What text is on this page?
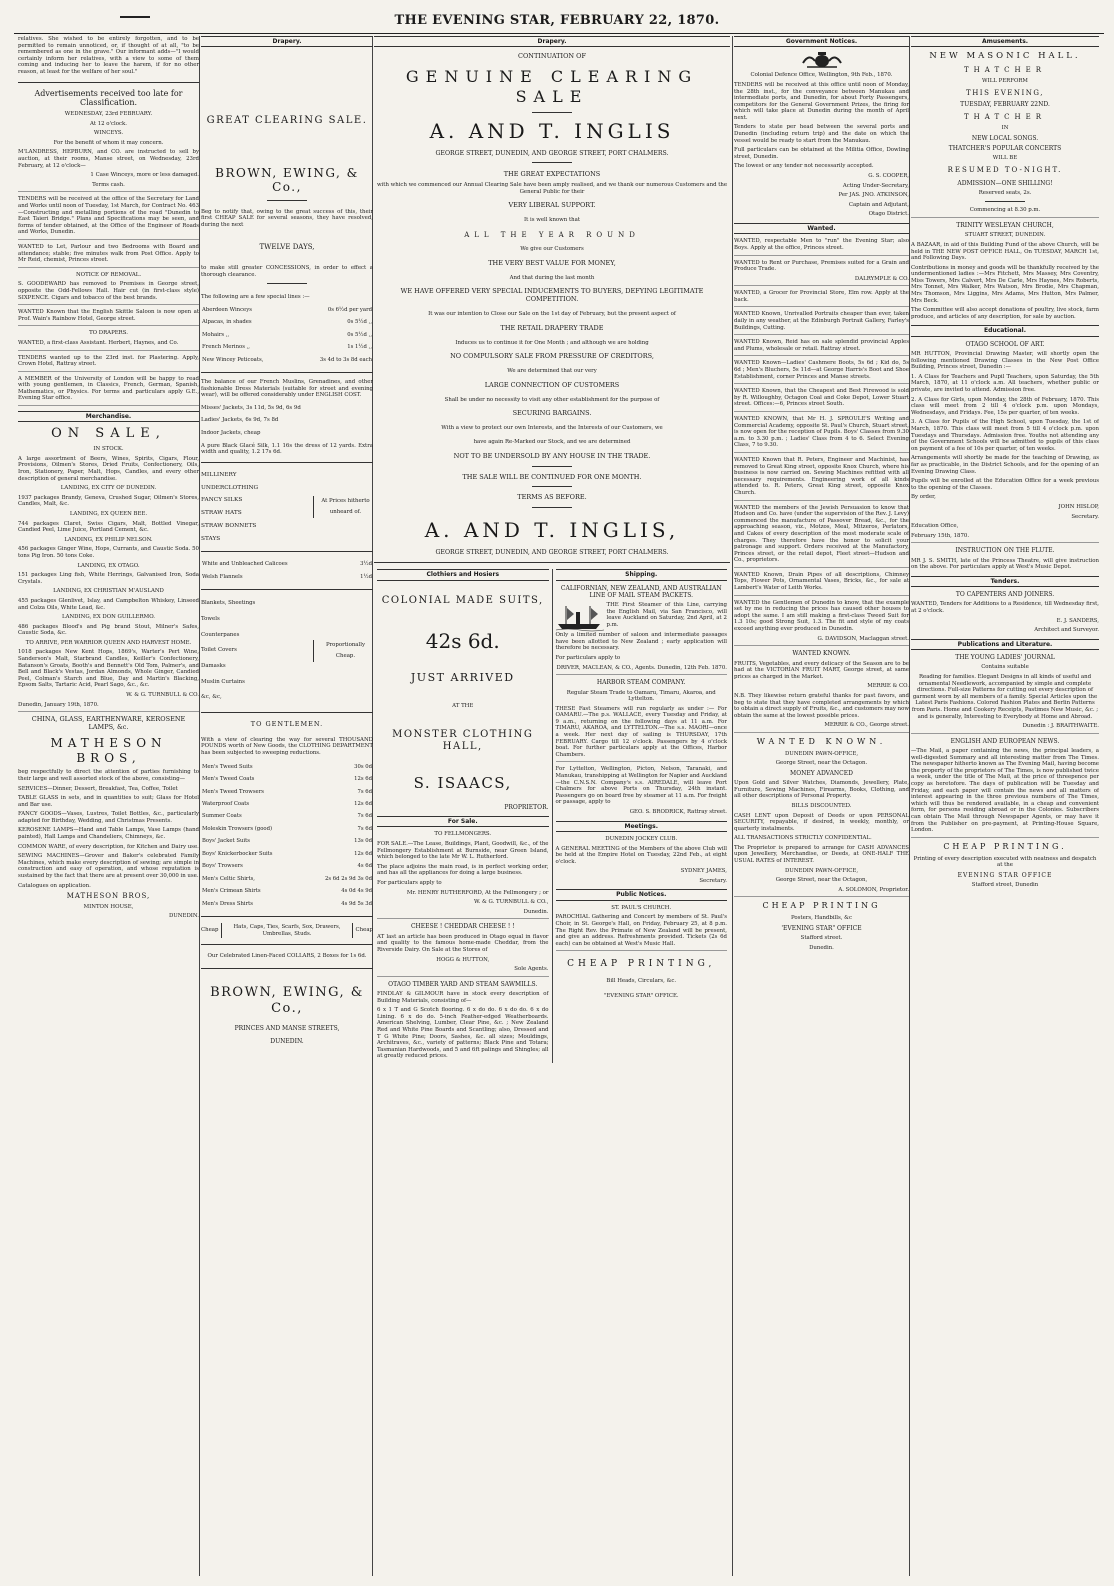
THE EVENING STAR, FEBRUARY 22, 1870.
relatives. She wished to be entirely forgotten, and to be permitted to remain unnoticed, or, if thought of at all, "to be remembered as one in the grave." Our informant adds—"I would certainly inform her relatives, with a view to some of them coming and inducing her to leave the harem, if for no other reason, at least for the welfare of her soul."
Advertisements received too late for Classification.
WEDNESDAY, 23rd FEBRUARY.
At 12 o'clock.
WINCEYS.
For the benefit of whom it may concern.
M'LANDRESS, HEPBURN, and CO. are instructed to sell by auction, at their rooms, Manse street, on Wednesday, 23rd February, at 12 o'clock—
1 Case Winceys, more or less damaged.
Terms cash.
TENDERS will be received at the office of the Secretary for Land and Works until noon of Tuesday, 1st March, for Contract No. 463—Constructing and metalling portions of the road "Dunedin to East Taieri Bridge." Plans and Specifications may be seen, and forms of tender obtained, at the Office of the Engineer of Roads and Works, Dunedin.
WANTED to Let, Parlour and two Bedrooms with Board and attendance; stable; five minutes walk from Post Office. Apply to Mr Reid, chemist, Princes street.
NOTICE OF REMOVAL.
S. GOODEWARD has removed to Premises in George street, opposite the Odd-Fellows Hall. Hair cut (in first-class style) SIXPENCE. Cigars and tobacco of the best brands.
WANTED Known that the English Skittle Saloon is now open at Prof. Wain's Rainbow Hotel, George street.
TO DRAPERS.
WANTED, a first-class Assistant. Herbert, Haynes, and Co.
TENDERS wanted up to the 23rd inst. for Plastering. Apply, Crown Hotel, Rattray street.
A MEMBER of the University of London will be happy to read with young gentlemen, in Classics, French, German, Spanish, Mathematics, or Physics. For terms and particulars apply G.E., Evening Star office.
Merchandise.
ON SALE,
IN STOCK.
A large assortment of Beers, Wines, Spirits, Cigars, Flour, Provisions, Oilmen's Stores, Dried Fruits, Confectionery, Oils, Iron, Stationery, Paper, Malt, Hops, Candles, and every other description of general merchandise.
LANDING, EX CITY OF DUNEDIN.
1937 packages Brandy, Geneva, Crushed Sugar, Oilmen's Stores, Candles, Malt, &c.
LANDING, EX QUEEN BEE.
744 packages Claret, Swiss Cigars, Malt, Bottled Vinegar, Candied Peel, Lime Juice, Portland Cement, &c.
LANDING, EX PHILIP NELSON.
456 packages Ginger Wine, Hops, Currants, and Caustic Soda. 50 tons Pig Iron. 50 tons Coke.
LANDING, EX OTAGO.
151 packages Ling fish, White Herrings, Galvanised Iron, Soda Crystals.
LANDING, EX CHRISTIAN M'AUSLAND
455 packages Glenlivet, Islay, and Campbelton Whiskey, Linseed and Colza Oils, White Lead, &c.
LANDING, EX DON GUILLERMO.
486 packages Blood's and Pig brand Stout, Milner's Safes, Caustic Soda, &c.
TO ARRIVE, PER WARRIOR QUEEN AND HARVEST HOME.
1018 packages New Kent Hops, 1869's, Warter's Pert Wine, Sanderson's Malt, Starbrand Candles, Keiller's Confectionery, Batanson's Groats, Booth's and Bennett's Old Tom, Palmer's, and Bell and Black's Vestas, Jordan Almonds, Whole Ginger, Candied Peel, Colman's Starch and Blue, Day and Martin's Blacking, Epsom Salts, Tartaric Acid, Pearl Sago, &c., &c.
W. & G. TURNBULL & CO.
Dunedin, January 19th, 1870.
CHINA, GLASS, EARTHENWARE, KEROSENE LAMPS, &c.
MATHESON BROS,
beg respectfully to direct the attention of parties furnishing to their large and well assorted stock of the above, consisting—
SERVICES—Dinner, Dessert, Breakfast, Tea, Coffee, Toilet
TABLE GLASS in sets, and in quantities to suit; Glass for Hotel and Bar use.
FANCY GOODS—Vases, Lustres, Toilet Bottles, &c., particularly adapted for Birthday, Wedding, and Christmas Presents.
KEROSENE LAMPS—Hand and Table Lamps, Vase Lamps (hand painted), Hall Lamps and Chandeliers, Chimneys, &c.
COMMON WARE, of every description, for Kitchen and Dairy use.
SEWING MACHINES—Grover and Baker's celebrated Family Machines, which make every description of sewing; are simple in construction and easy of operation, and whose reputation is sustained by the fact that there are at present over 30,000 in use.
Catalogues on application.
MATHESON BROS,
MINTON HOUSE,
DUNEDIN.
Drapery.
GREAT CLEARING SALE.
BROWN, EWING, & Co.,
Beg to notify that, owing to the great success of this, their first CHEAP SALE for several seasons, they have resolved, during the next
TWELVE DAYS,
to make still greater CONCESSIONS, in order to effect a thorough clearance.
The following are a few special lines :—
Aberdeen Winceys	0s 6½d per yard
Alpacas, in shades	0s 5½d ,,
Mohairs ,,	0s 5½d ,,
French Merinos ,,	1s 1½d ,,
New Wincey Peticoats,	3s 4d to 3s 8d each
The balance of our French Muslins, Grenadines, and other fashionable Dress Materials (suitable for street and evening wear), will be offered considerably under ENGLISH COST.
Misses' Jackets, 3s 11d, 5s 9d, 6s 9d
Ladies' Jackets, 6s 9d, 7s 8d
Indoor Jackets, cheap
A pure Black Glacé Silk, 1.1 16s the dress of 12 yards. Extra width and quality, 1.2 17s 6d.
MILLINERY
UNDERCLOTHING
FANCY SILKS
STRAW HATS
STRAW BONNETS
STAYS
At Prices hitherto unheard of.
White and Unbleached Calicoes	3½d
Welsh Flannels	1½d
Blankets, Sheetings
Towels
Counterpanes
Toilet Covers
Damasks
Muslin Curtains
&c, &c,
Proportionally Cheap.
TO GENTLEMEN.
With a view of clearing the way for several THOUSAND POUNDS worth of New Goods, the CLOTHING DEPARTMENT has been subjected to sweeping reductions.
Men's Tweed Suits	30s 0d
Men's Tweed Coats	12s 6d
Men's Tweed Trowsers	7s 6d
Waterproof Coats	12s 6d
Summer Coats	7s 6d
Moleskin Trowsers (good)	7s 6d
Boys' Jacket Suits	13s 0d
Boys' Knickerbocker Suits	12s 6d
Boys' Trowsers	4s 6d
Men's Celtic Shirts,	2s 6d 2s 9d 3s 0d
Men's Crimean Shirts	4s 0d 4s 9d
Men's Dress Shirts	4s 9d 5s 3d
Cheap
Hats, Caps, Ties, Scarfs, Sox, Drawers, Umbrellas, Studs.
Cheap
Our Celebrated Linen-Faced COLLARS, 2 Boxes for 1s 6d.
BROWN, EWING, & Co.,
PRINCES AND MANSE STREETS,
DUNEDIN.
Drapery.
CONTINUATION OF
GENUINE CLEARING SALE
A. AND T. INGLIS
GEORGE STREET, DUNEDIN, AND GEORGE STREET, PORT CHALMERS.
THE GREAT EXPECTATIONS
with which we commenced our Annual Clearing Sale have been amply realised, and we thank our numerous Customers and the General Public for their
VERY LIBERAL SUPPORT.
It is well known that
ALL THE YEAR ROUND
We give our Customers
THE VERY BEST VALUE FOR MONEY,
And that during the last month
WE HAVE OFFERED VERY SPECIAL INDUCEMENTS TO BUYERS, DEFYING LEGITIMATE COMPETITION.
It was our intention to Close our Sale on the 1st day of February, but the present aspect of
THE RETAIL DRAPERY TRADE
Induces us to continue it for One Month ; and although we are holding
NO COMPULSORY SALE FROM PRESSURE OF CREDITORS,
We are determined that our very
LARGE CONNECTION OF CUSTOMERS
Shall be under no necessity to visit any other establishment for the purpose of
SECURING BARGAINS.
With a view to protect our own Interests, and the Interests of our Customers, we
have again Re-Marked our Stock, and we are determined
NOT TO BE UNDERSOLD BY ANY HOUSE IN THE TRADE.
THE SALE WILL BE CONTINUED FOR ONE MONTH.
TERMS AS BEFORE.
A. AND T. INGLIS,
GEORGE STREET, DUNEDIN, AND GEORGE STREET, PORT CHALMERS.
Clothiers and Hosiers
COLONIAL MADE SUITS,
42s 6d.
JUST ARRIVED
AT THE
MONSTER CLOTHING HALL,
S. ISAACS,
PROPRIETOR.
For Sale.
TO FELLMONGERS.
FOR SALE.—The Lease, Buildings, Plant, Goodwill, &c., of the Fellmongery Establishment at Burnside, near Green Island, which belonged to the late Mr W. L. Rutherford.
The place adjoins the main road, is in perfect working order, and has all the appliances for doing a large business.
For particulars apply to
Mr. HENRY RUTHERFORD, At the Fellmongery ; or
W. & G. TURNBULL & CO.,
Dunedin.
CHEESE ! CHEDDAR CHEESE ! !
AT last an article has been produced in Otago equal in flavor and quality to the famous home-made Cheddar, from the Riverside Dairy. On Sale at the Stores of
HOGG & HUTTON,
Sole Agents.
OTAGO TIMBER YARD AND STEAM SAWMILLS.
FINDLAY & GILMOUR have in stock every description of Building Materials, consisting of—
6 x 1 T and G Scotch flooring. 6 x do do. 6 x do do. 6 x do Lining. 6 x do do. 5-inch Feather-edged Weatherboards. American Shelving, Lumber, Clear Pine, &c. ; New Zealand Red and White Pine Boards and Scantling; also, Dressed and T G White Pine; Doors, Sashes, &c. all sizes; Mouldings, Architraves, &c., variety of patterns; Black Pine and Totara; Tasmanian Hardwoods, and 5 and 6ft palings and Shingles; all at greatly reduced prices.
Shipping.
CALIFORNIAN, NEW ZEALAND, AND AUSTRALIAN LINE OF MAIL STEAM PACKETS.
THE First Steamer of this Line, carrying the English Mail, via San Francisco, will leave Auckland on Saturday, 2nd April, at 2 p.m.
Only a limited number of saloon and intermediate passages have been allotted to New Zealand ; early application will therefore be necessary.
For particulars apply to
DRIVER, MACLEAN, & CO., Agents. Dunedin, 12th Feb. 1870.
HARBOR STEAM COMPANY.
Regular Steam Trade to Oamaru, Timaru, Akaroa, and Lyttelton.
THESE Fast Steamers will run regularly as under :— For OAMARU.—The p.s. WALLACE, every Tuesday and Friday, at 9 a.m., returning on the following days at 11 a.m. For TIMARU, AKAROA, and LYTTELTON.—The s.s. MAORI—once a week. Her next day of sailing is THURSDAY, 17th FEBRUARY. Cargo till 12 o'clock. Passengers by 4 o'clock boat. For further particulars apply at the Offices, Harbor Chambers.
For Lyttelton, Wellington, Picton, Nelson, Taranaki, and Manukau, transhipping at Wellington for Napier and Auckland—the C.N.S.N. Company's s.s. AIREDALE, will leave Port Chalmers for above Ports on Thursday, 24th instant. Passengers go on board free by steamer at 11 a.m. For freight or passage, apply to
GEO. S. BRODRICK, Rattray street.
Meetings.
DUNEDIN JOCKEY CLUB.
A GENERAL MEETING of the Members of the above Club will be held at the Empire Hotel on Tuesday, 22nd Feb., at eight o'clock.
SYDNEY JAMES,
Secretary.
Public Notices.
ST. PAUL'S CHURCH.
PAROCHIAL Gathering and Concert by members of St. Paul's Choir, in St. George's Hall, on Friday, February 25, at 8 p.m. The Right Rev. the Primate of New Zealand will be present, and give an address. Refreshments provided. Tickets (2s 6d each) can be obtained at West's Music Hall.
CHEAP PRINTING,
Bill Heads, Circulars, &c.
"EVENING STAR" OFFICE.
Government Notices.
Colonial Defence Office, Wellington, 9th Feb., 1870.
TENDERS will be received at this office until noon of Monday, the 28th inst., for the conveyance between Manukau and intermediate ports, and Dunedin, for about Forty Passengers, competitors for the General Government Prizes, the firing for which will take place at Dunedin during the month of April next.
Tenders to state per head between the several ports and Dunedin (including return trip) and the date on which the vessel would be ready to start from the Manukau.
Full particulars can be obtained at the Militia Office, Dowling street, Dunedin.
The lowest or any tender not necessarily accepted.
G. S. COOPER,
Acting Under-Secretary,
Per JAS. JNO. ATKINSON,
Captain and Adjutant,
Otago District.
Wanted.
WANTED, respectable Men to "run" the Evening Star; also Boys. Apply at the office, Princes street.
WANTED to Rent or Purchase, Premises suited for a Grain and Produce Trade.
DALRYMPLE & CO.
WANTED, a Grocer for Provincial Store, Elm row. Apply at the back.
WANTED Known, Unrivalled Portraits cheaper than ever, taken daily in any weather, at the Edinburgh Portrait Gallery, Farley's Buildings, Cutting.
WANTED Known, Reid has on sale splendid provincial Apples and Plums, wholesale or retail. Rattray street.
WANTED Known—Ladies' Cashmere Boots, 5s 6d ; Kid do, 5s 6d ; Men's Bluchers, 5s 11d—at George Harris's Boot and Shoe Establishment, corner Princes and Manse streets.
WANTED Known, that the Cheapest and Best Firewood is sold by R. Willoughby, Octagon Coal and Coke Depot, Lower Stuart street. Offices:—6, Princes street South.
WANTED KNOWN, that Mr H. J. SPROULE'S Writing and Commercial Academy, opposite St. Paul's Church, Stuart street, is now open for the reception of Pupils. Boys' Classes from 9.30 a.m. to 3.30 p.m. ; Ladies' Class from 4 to 6. Select Evening Class, 7 to 9.30.
WANTED Known that R. Peters, Engineer and Machinist, has removed to Great King street, opposite Knox Church, where his business is now carried on. Sewing Machines refitted with all necessary requirements. Engineering work of all kinds attended to. R. Peters, Great King street, opposite Knox Church.
WANTED the members of the Jewish Persuasion to know that Hudson and Co. have (under the supervision of the Rev. J. Levy) commenced the manufacture of Passover Bread, &c., for the approaching season, viz., Motzos, Meal, Mitzeros, Perlators, and Cakes of every description of the most moderate scale of charges. They therefore have the honor to solicit your patronage and support. Orders received at the Manufactory, Princes street, or the retail depot, Fleet street—Hudson and Co., proprietors.
WANTED Known, Drain Pipes of all descriptions, Chimney Tops, Flower Pots, Ornamental Vases, Bricks, &c., for sale at Lambert's Water of Leith Works.
WANTED the Gentlemen of Dunedin to know, that the example set by me in reducing the prices has caused other houses to adopt the same. I am still making a first-class Tweed Suit for 1.3 10s; good Strong Suit, 1.3. The fit and style of my coats exceed anything ever produced in Dunedin.
G. DAVIDSON, Maclaggan street.
WANTED KNOWN.
FRUITS, Vegetables, and every delicacy of the Season are to be had at the VICTORIAN FRUIT MART, George street, at same prices as charged in the Market.
MERRIE & CO.
N.B. They likewise return grateful thanks for past favors, and beg to state that they have completed arrangements by which to obtain a direct supply of Fruits, &c., and customers may now obtain the same at the lowest possible prices.
MERRIE & CO., George street.
WANTED KNOWN.
DUNEDIN PAWN-OFFICE,
George Street, near the Octagon.
MONEY ADVANCED
Upon Gold and Silver Watches, Diamonds, Jewellery, Plate, Furniture, Sewing Machines, Firearms, Books, Clothing, and all other descriptions of Personal Property.
BILLS DISCOUNTED.
CASH LENT upon Deposit of Deeds or upon PERSONAL SECURITY, repayable, if desired, in weekly, monthly, or quarterly instalments.
ALL TRANSACTIONS STRICTLY CONFIDENTIAL.
The Proprietor is prepared to arrange for CASH ADVANCES upon Jewellery, Merchandise, or Deeds, at ONE-HALF THE USUAL RATES of INTEREST.
DUNEDIN PAWN-OFFICE,
George Street, near the Octagon,
A. SOLOMON, Proprietor.
CHEAP PRINTING
Posters, Handbills, &c
'EVENING STAR" OFFICE
Stafford street.
Dunedin.
Amusements.
NEW MASONIC HALL.
THATCHER
WILL PERFORM
THIS EVENING,
TUESDAY, FEBRUARY 22ND.
THATCHER
IN
NEW LOCAL SONGS.
THATCHER'S POPULAR CONCERTS
WILL BE
RESUMED TO-NIGHT.
ADMISSION—ONE SHILLING!
Reserved seats, 2s.
Commencing at 8.30 p.m.
TRINITY WESLEYAN CHURCH,
STUART STREET, DUNEDIN.
A BAZAAR, in aid of this Building Fund of the above Church, will be held in THE NEW POST OFFICE HALL, On TUESDAY, MARCH 1st, and Following Days.
Contributions in money and goods will be thankfully received by the undermentioned ladies :—Mrs Fitchett, Mrs Massey, Mrs Coventry, Miss Towers, Mrs Calvert, Mrs De Carle, Mrs Haynes, Mrs Roberts, Mrs Tonnet, Mrs Walker, Mrs Watson, Mrs Brodie, Mrs Chapman, Mrs Thomson, Mrs Liggins, Mrs Adams, Mrs Hutton, Mrs Palmer, Mrs Beck.
The Committee will also accept donations of poultry, live stock, farm produce, and articles of any description, for sale by auction.
Educational.
OTAGO SCHOOL OF ART.
MR HUTTON, Provincial Drawing Master, will shortly open the following mentioned Drawing Classes in the New Post Office Building, Princes street, Dunedin :—
1. A Class for Teachers and Pupil Teachers, upon Saturday, the 5th March, 1870, at 11 o'clock a.m. All teachers, whether public or private, are invited to attend. Admission free.
2. A Class for Girls, upon Monday, the 28th of February, 1870. This class will meet from 2 till 4 o'clock p.m. upon Mondays, Wednesdays, and Fridays. Fee, 15s per quarter, of ten weeks.
3. A Class for Pupils of the High School, upon Tuesday, the 1st of March, 1870. This class will meet from 5 till 4 o'clock p.m. upon Tuesdays and Thursdays. Admission free. Youths not attending any of the Government Schools will be admitted to pupils of this class on payment of a fee of 10s per quarter, of ten weeks.
Arrangements will shortly be made for the teaching of Drawing, as far as practicable, in the District Schools, and for the opening of an Evening Drawing Class.
Pupils will be enrolled at the Education Office for a week previous to the opening of the Classes.
By order,
JOHN HISLOP,
Secretary.
Education Office,
February 15th, 1870.
INSTRUCTION ON THE FLUTE.
MR J. S. SMITH, late of the Princess Theatre, will give instruction on the above. For particulars apply at West's Music Depot.
Tenders.
TO CAPENTERS AND JOINERS.
WANTED, Tenders for Additions to a Residence, till Wednesday first, at 2 o'clock.
E. J. SANDERS,
Architect and Surveyor.
Publications and Literature.
THE YOUNG LADIES' JOURNAL
Contains suitable
Reading for families. Elegant Designs in all kinds of useful and ornamental Needlework, accompanied by simple and complete directions. Full-size Patterns for cutting out every description of garment worn by all members of a family. Special Articles upon the Latest Paris Fashions. Colored Fashion Plates and Berlin Patterns from Paris. Home and Cookery Receipts, Pastimes New Music, &c. ; and is generally, Interesting to Everybody at Home and Abroad.
Dunedin : J. BRAITHWAITE.
ENGLISH AND EUROPEAN NEWS.
—The Mail, a paper containing the news, the principal leaders, a well-digested Summary and all interesting matter from The Times. The newspaper hitherto known as The Evening Mail, having become the property of the proprietors of The Times, is now published twice a week, under the title of The Mail, at the price of threepence per copy as heretofore. The days of publication will be Tuesday and Friday, and each paper will contain the news and all matters of interest appearing in the three previous numbers of The Times, which will thus be rendered available, in a cheap and convenient form, for persons residing abroad or in the Colonies. Subscribers can obtain The Mail through Newspaper Agents, or may have it from the Publisher on pre-payment, at Printing-House Square, London.
CHEAP PRINTING.
Printing of every description executed with neatness and despatch at the
EVENING STAR OFFICE
Stafford street, Dunedin
